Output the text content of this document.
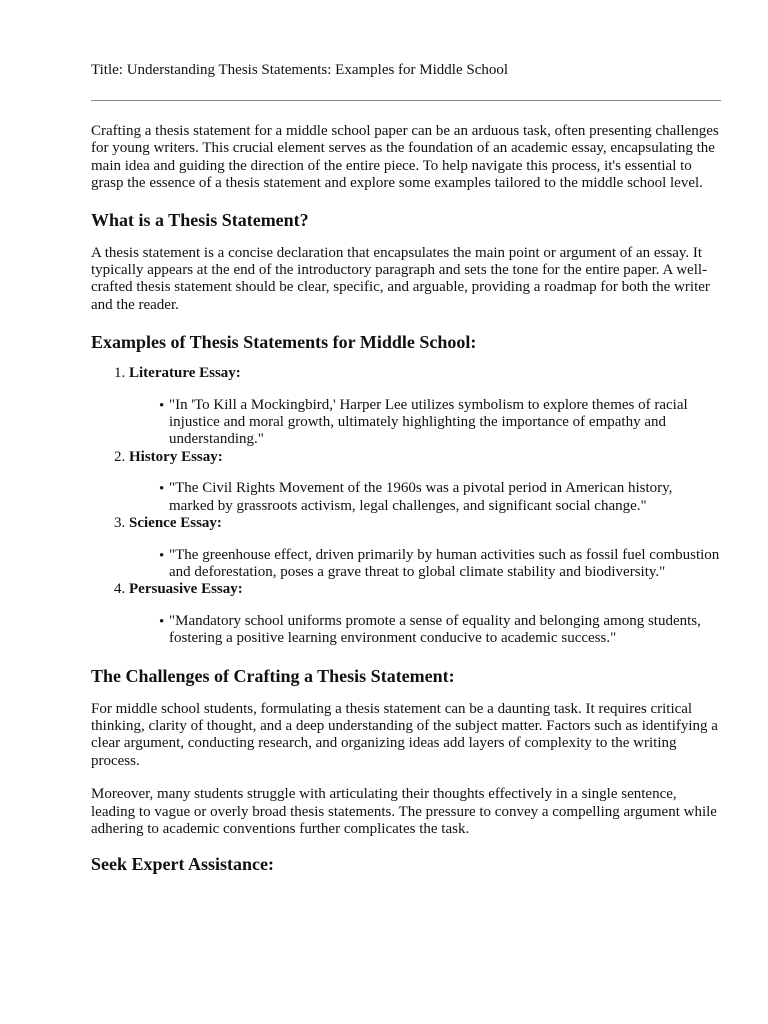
Title: Understanding Thesis Statements: Examples for Middle School

Crafting a thesis statement for a middle school paper can be an arduous task, often presenting challenges for young writers. This crucial element serves as the foundation of an academic essay, encapsulating the main idea and guiding the direction of the entire piece. To help navigate this process, it's essential to grasp the essence of a thesis statement and explore some examples tailored to the middle school level.

What is a Thesis Statement?

A thesis statement is a concise declaration that encapsulates the main point or argument of an essay. It typically appears at the end of the introductory paragraph and sets the tone for the entire paper. A well-crafted thesis statement should be clear, specific, and arguable, providing a roadmap for both the writer and the reader.

Examples of Thesis Statements for Middle School:
1. Literature Essay:
• "In 'To Kill a Mockingbird,' Harper Lee utilizes symbolism to explore themes of racial injustice and moral growth, ultimately highlighting the importance of empathy and understanding."
2. History Essay:
• "The Civil Rights Movement of the 1960s was a pivotal period in American history, marked by grassroots activism, legal challenges, and significant social change."
3. Science Essay:
• "The greenhouse effect, driven primarily by human activities such as fossil fuel combustion and deforestation, poses a grave threat to global climate stability and biodiversity."
4. Persuasive Essay:
• "Mandatory school uniforms promote a sense of equality and belonging among students, fostering a positive learning environment conducive to academic success."
The Challenges of Crafting a Thesis Statement:

For middle school students, formulating a thesis statement can be a daunting task. It requires critical thinking, clarity of thought, and a deep understanding of the subject matter. Factors such as identifying a clear argument, conducting research, and organizing ideas add layers of complexity to the writing process.

Moreover, many students struggle with articulating their thoughts effectively in a single sentence, leading to vague or overly broad thesis statements. The pressure to convey a compelling argument while adhering to academic conventions further complicates the task.

Seek Expert Assistance:
